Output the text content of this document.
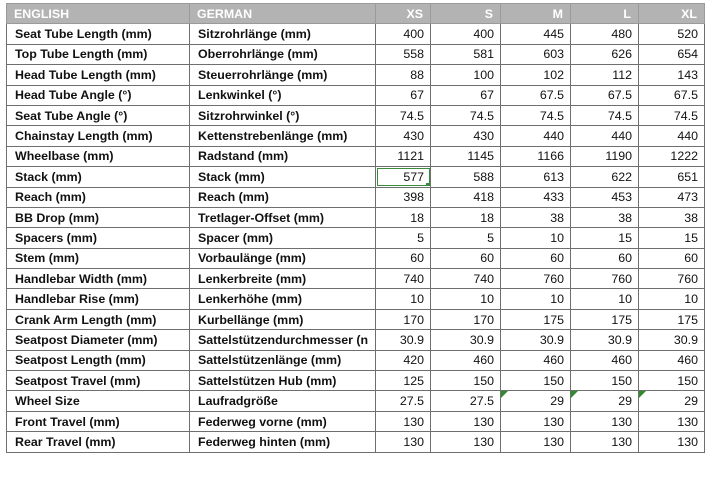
ENGLISH	GERMAN	XS	S	M	L	XL
Seat Tube Length (mm)	Sitzrohrlänge (mm)	400	400	445	480	520
Top Tube Length (mm)	Oberrohrlänge (mm)	558	581	603	626	654
Head Tube Length (mm)	Steuerrohrlänge (mm)	88	100	102	112	143
Head Tube Angle (°)	Lenkwinkel (°)	67	67	67.5	67.5	67.5
Seat Tube Angle (°)	Sitzrohrwinkel (°)	74.5	74.5	74.5	74.5	74.5
Chainstay Length (mm)	Kettenstrebenlänge (mm)	430	430	440	440	440
Wheelbase (mm)	Radstand (mm)	1121	1145	1166	1190	1222
Stack (mm)	Stack (mm)	577	588	613	622	651
Reach (mm)	Reach (mm)	398	418	433	453	473
BB Drop (mm)	Tretlager-Offset (mm)	18	18	38	38	38
Spacers (mm)	Spacer (mm)	5	5	10	15	15
Stem (mm)	Vorbaulänge (mm)	60	60	60	60	60
Handlebar Width (mm)	Lenkerbreite (mm)	740	740	760	760	760
Handlebar Rise (mm)	Lenkerhöhe (mm)	10	10	10	10	10
Crank Arm Length (mm)	Kurbellänge (mm)	170	170	175	175	175
Seatpost Diameter (mm)	Sattelstützendurchmesser (n	30.9	30.9	30.9	30.9	30.9
Seatpost Length (mm)	Sattelstützenlänge (mm)	420	460	460	460	460
Seatpost Travel (mm)	Sattelstützen Hub (mm)	125	150	150	150	150
Wheel Size	Laufradgröße	27.5	27.5	29	29	29
Front Travel (mm)	Federweg vorne (mm)	130	130	130	130	130
Rear Travel (mm)	Federweg hinten (mm)	130	130	130	130	130
